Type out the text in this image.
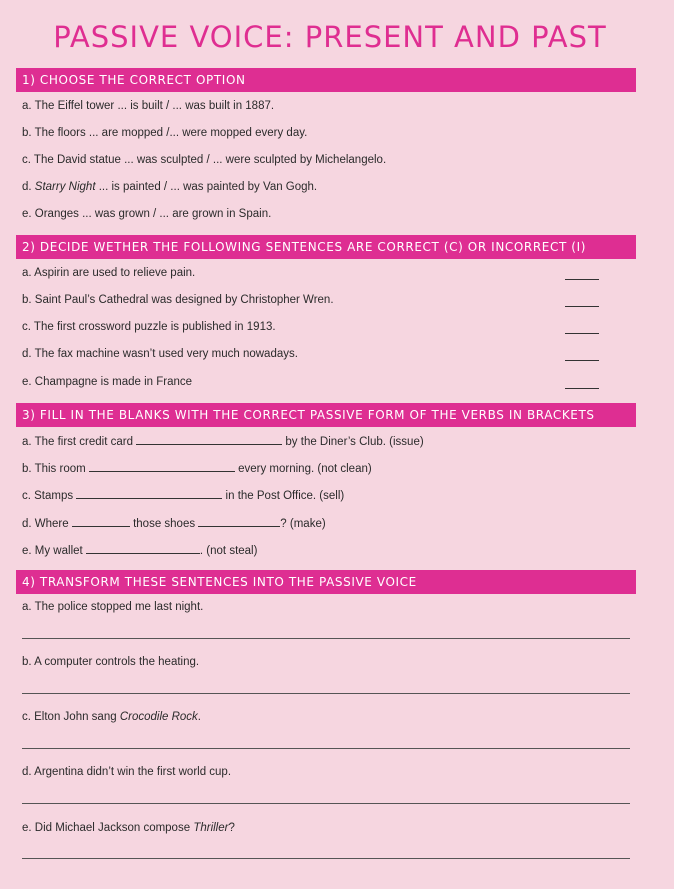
PASSIVE VOICE: PRESENT AND PAST
1) CHOOSE THE CORRECT OPTION
a. The Eiffel tower ... is built / ... was built in 1887.
b. The floors ... are mopped /... were mopped every day.
c. The David statue ... was sculpted / ... were sculpted by Michelangelo.
d. Starry Night ... is painted / ... was painted by Van Gogh.
e. Oranges ... was grown / ... are grown in Spain.
2) DECIDE WETHER THE FOLLOWING SENTENCES ARE CORRECT (C) OR INCORRECT (I)
a. Aspirin are used to relieve pain.
b. Saint Paul’s Cathedral was designed by Christopher Wren.
c. The first crossword puzzle is published in 1913.
d. The fax machine wasn’t used very much nowadays.
e. Champagne is made in France
3) FILL IN THE BLANKS WITH THE CORRECT PASSIVE FORM OF THE VERBS IN BRACKETS
a. The first credit card	by the Diner’s Club. (issue)
b. This room	every morning. (not clean)
c. Stamps	in the Post Office. (sell)
d. Where	those shoes	? (make)
e. My wallet	. (not steal)
4) TRANSFORM THESE SENTENCES INTO THE PASSIVE VOICE
a. The police stopped me last night.
b. A computer controls the heating.
c. Elton John sang Crocodile Rock.
d. Argentina didn’t win the first world cup.
e. Did Michael Jackson compose Thriller?
